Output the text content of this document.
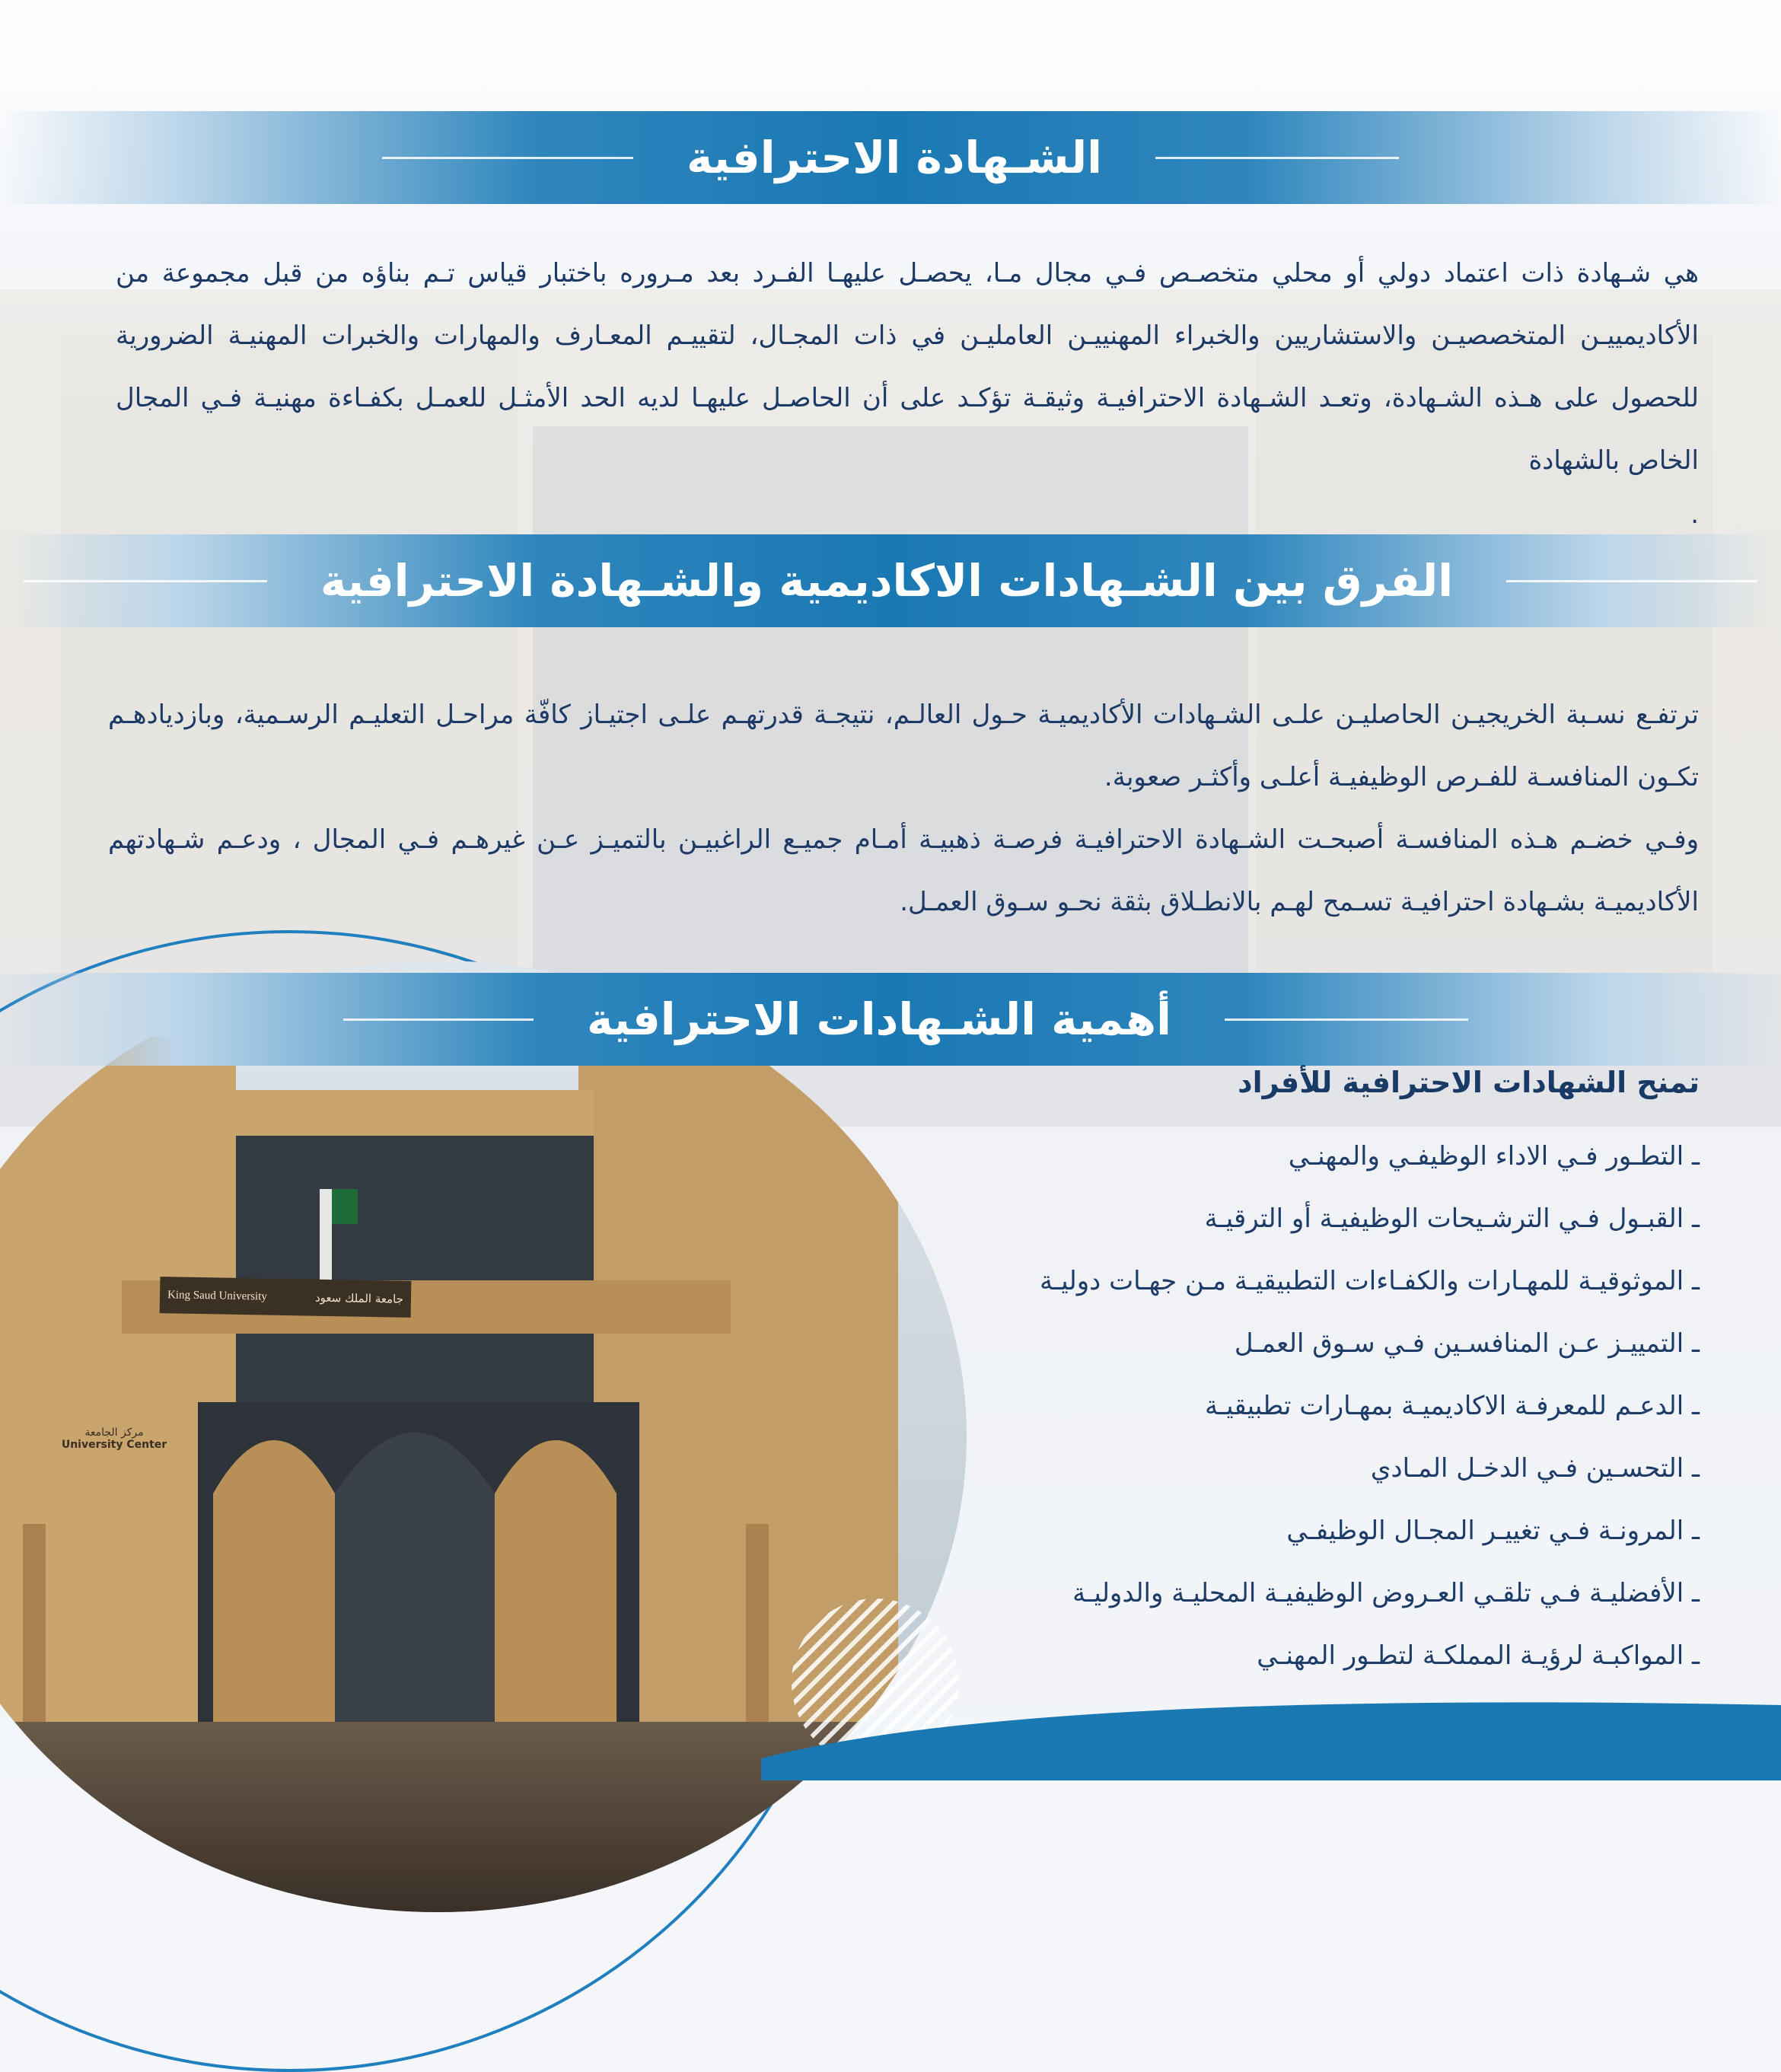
الشـهادة الاحترافية

هي شـهادة ذات اعتماد دولي أو محلي متخصـص فـي مجال مـا، يحصـل عليهـا الفـرد بعد مـروره باختبار قياس تـم بناؤه من قبل مجموعة من الأكاديمييـن المتخصصيـن والاستشاريين والخبراء المهنييـن العامليـن في ذات المجـال، لتقييـم المعـارف والمهارات والخبرات المهنيـة الضرورية للحصول على هـذه الشـهادة، وتعـد الشـهادة الاحترافيـة وثيقـة تؤكـد على أن الحاصـل عليهـا لديه الحد الأمثـل للعمـل بكفـاءة مهنيـة فـي المجال الخاص بالشهادة

.

الفرق بين الشـهادات الاكاديمية والشـهادة الاحترافية

ترتفـع نسـبة الخريجيـن الحاصليـن علـى الشـهادات الأكاديميـة حـول العالـم، نتيجـة قدرتهـم علـى اجتيـاز كافّة مراحـل التعليـم الرسـمية، وبازديادهـم تكـون المنافسـة للفـرص الوظيفيـة أعلـى وأكثـر صعوبة.

وفـي خضـم هـذه المنافسـة أصبحـت الشـهادة الاحترافيـة فرصـة ذهبيـة أمـام جميـع الراغبيـن بالتميـز عـن غيرهـم فـي المجال ، ودعـم شـهادتهم الأكاديميـة بشـهادة احترافيـة تسـمح لهـم بالانطـلاق بثقة نحـو سـوق العمـل.

King Saud University	جامعة الملك سعود
مركز الجامعة
University Center
أهمية الشـهادات الاحترافية
تمنح الشهادات الاحترافية للأفراد
ـ التطـور فـي الاداء الوظيفـي والمهنـي
ـ القبـول فـي الترشـيحات الوظيفيـة أو الترقيـة
ـ الموثوقيـة للمهـارات والكفـاءات التطبيقيـة مـن جهـات دوليـة
ـ التمييـز عـن المنافسـين فـي سـوق العمـل
ـ الدعـم للمعرفـة الاكاديميـة بمهـارات تطبيقيـة
ـ التحسـين فـي الدخـل المـادي
ـ المرونـة فـي تغييـر المجـال الوظيفـي
ـ الأفضليـة فـي تلقـي العـروض الوظيفيـة المحليـة والدوليـة
ـ المواكبـة لرؤيـة المملكـة لتطـور المهنـي
